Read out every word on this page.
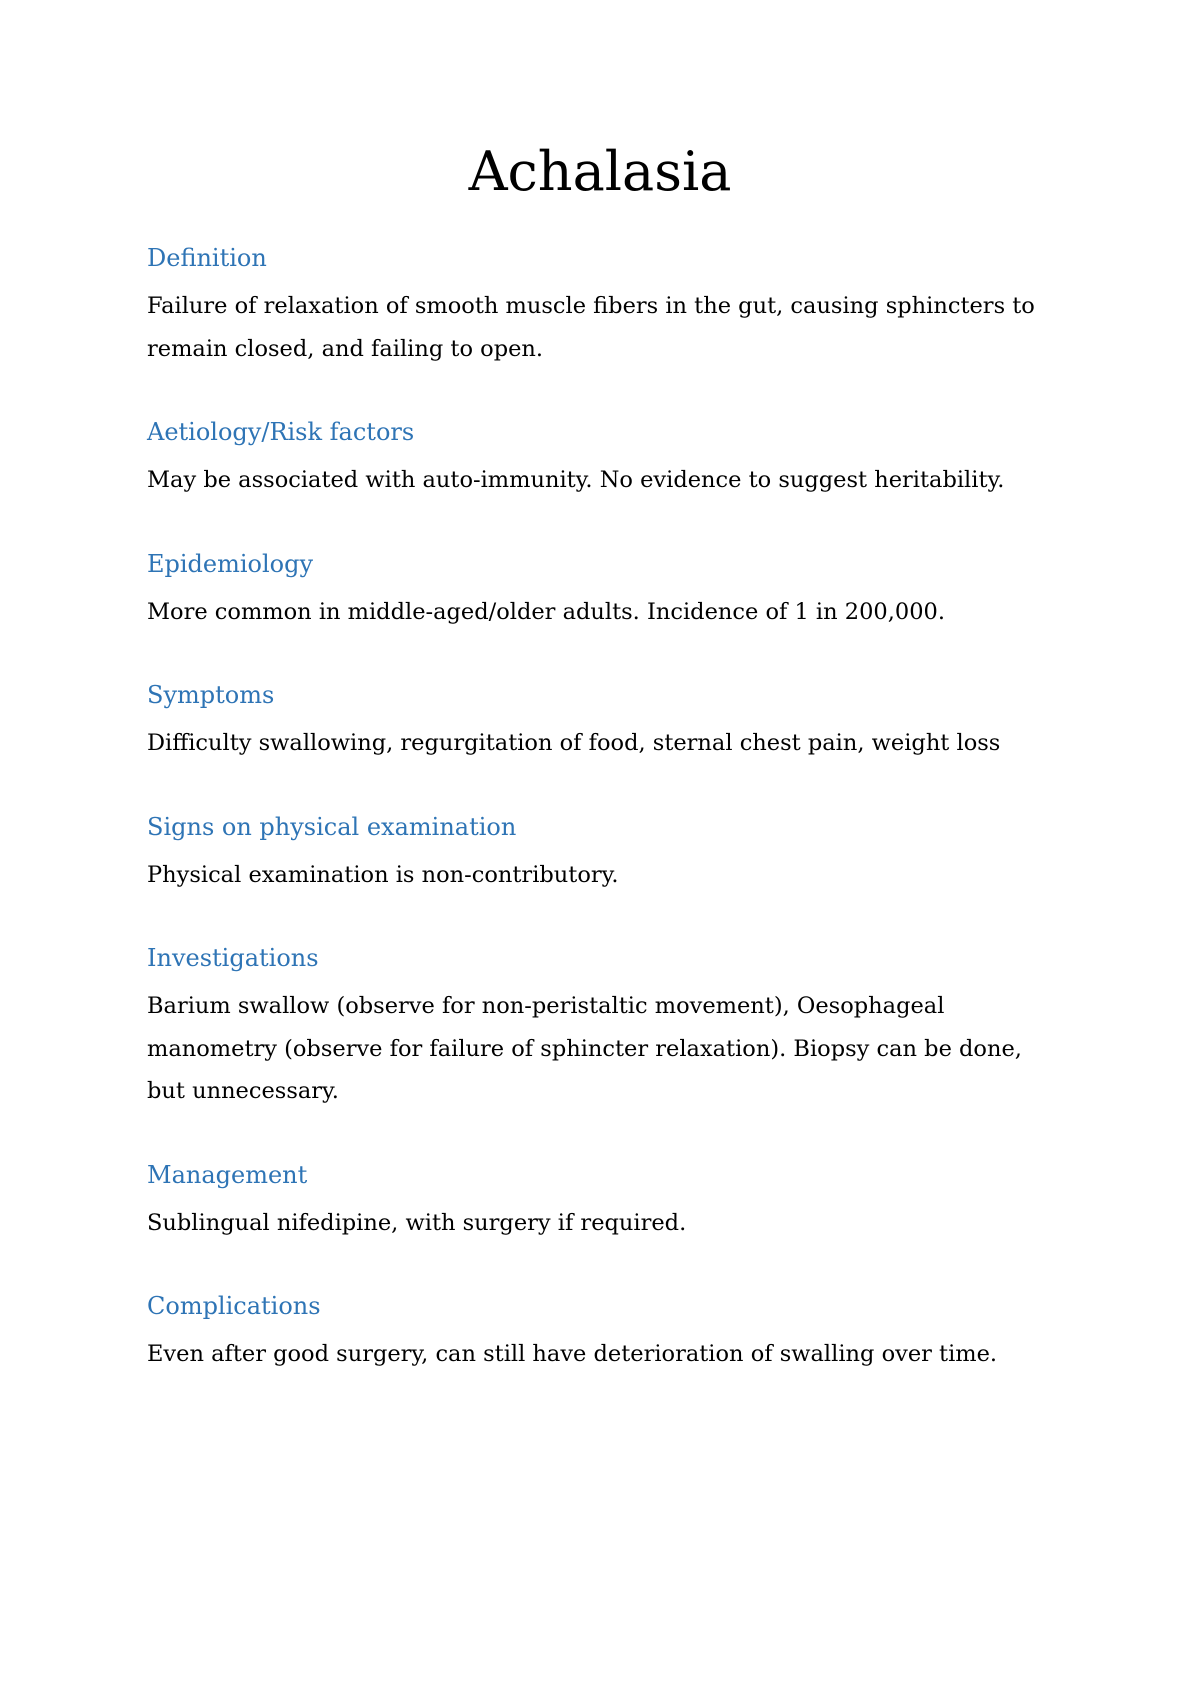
Achalasia
Definition

Failure of relaxation of smooth muscle fibers in the gut, causing sphincters to remain closed, and failing to open.

Aetiology/Risk factors

May be associated with auto-immunity. No evidence to suggest heritability.

Epidemiology

More common in middle-aged/older adults. Incidence of 1 in 200,000.

Symptoms

Difficulty swallowing, regurgitation of food, sternal chest pain, weight loss

Signs on physical examination

Physical examination is non-contributory.

Investigations

Barium swallow (observe for non-peristaltic movement), Oesophageal manometry (observe for failure of sphincter relaxation). Biopsy can be done, but unnecessary.

Management

Sublingual nifedipine, with surgery if required.

Complications

Even after good surgery, can still have deterioration of swalling over time.
